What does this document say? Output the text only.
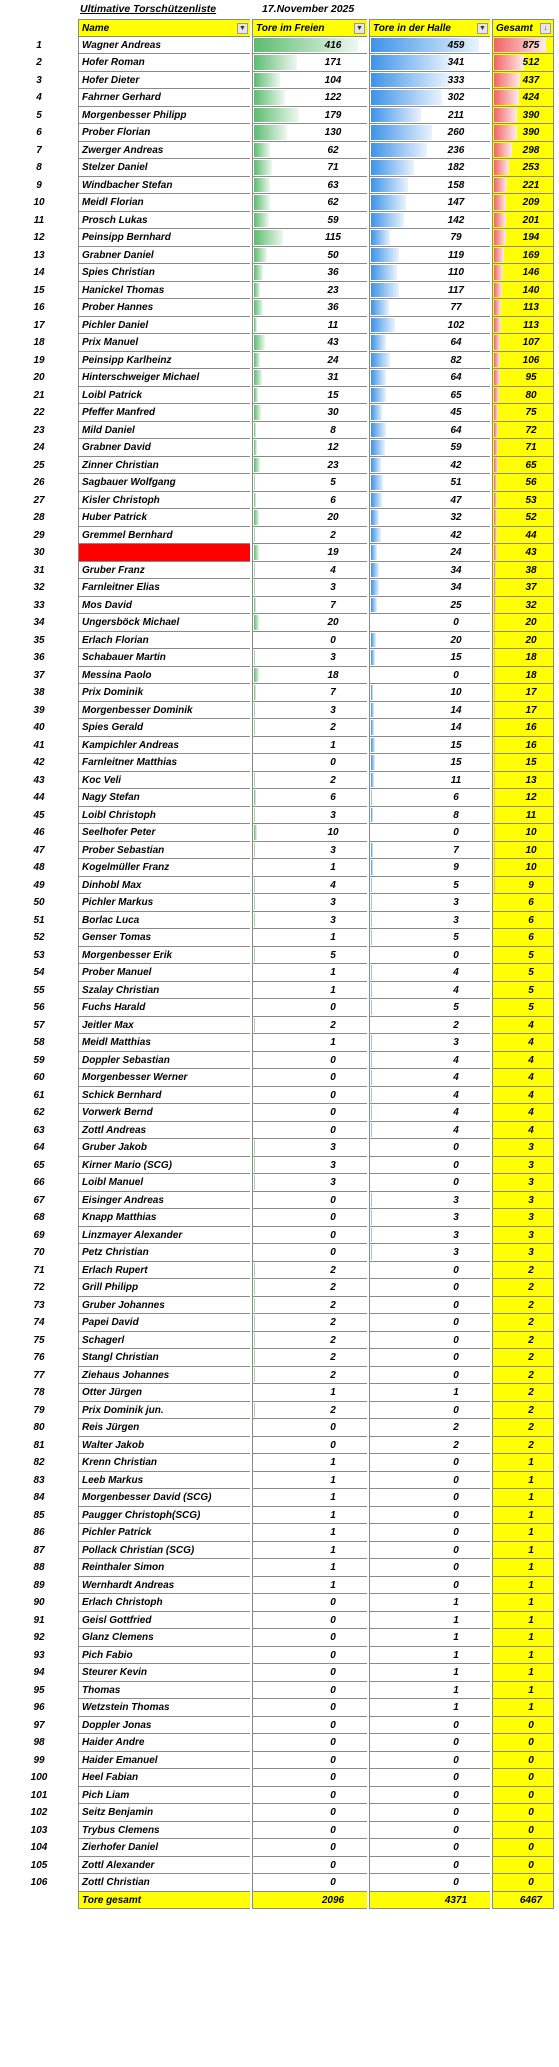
Ultimative Torschützenliste	17.November 2025
Name	▼	Tore im Freien	▼	Tore in der Halle	▼	Gesamt	↓
1	Wagner Andreas	416	459	875
2	Hofer Roman	171	341	512
3	Hofer Dieter	104	333	437
4	Fahrner Gerhard	122	302	424
5	Morgenbesser Philipp	179	211	390
6	Prober Florian	130	260	390
7	Zwerger Andreas	62	236	298
8	Stelzer Daniel	71	182	253
9	Windbacher Stefan	63	158	221
10	Meidl Florian	62	147	209
11	Prosch Lukas	59	142	201
12	Peinsipp Bernhard	115	79	194
13	Grabner Daniel	50	119	169
14	Spies Christian	36	110	146
15	Hanickel Thomas	23	117	140
16	Prober Hannes	36	77	113
17	Pichler Daniel	11	102	113
18	Prix Manuel	43	64	107
19	Peinsipp Karlheinz	24	82	106
20	Hinterschweiger Michael	31	64	95
21	Loibl Patrick	15	65	80
22	Pfeffer Manfred	30	45	75
23	Mild Daniel	8	64	72
24	Grabner David	12	59	71
25	Zinner Christian	23	42	65
26	Sagbauer Wolfgang	5	51	56
27	Kisler Christoph	6	47	53
28	Huber Patrick	20	32	52
29	Gremmel Bernhard	2	42	44
30	Eigentor	19	24	43
31	Gruber Franz	4	34	38
32	Farnleitner Elias	3	34	37
33	Mos David	7	25	32
34	Ungersböck Michael	20	0	20
35	Erlach Florian	0	20	20
36	Schabauer Martin	3	15	18
37	Messina Paolo	18	0	18
38	Prix Dominik	7	10	17
39	Morgenbesser Dominik	3	14	17
40	Spies Gerald	2	14	16
41	Kampichler Andreas	1	15	16
42	Farnleitner Matthias	0	15	15
43	Koc Veli	2	11	13
44	Nagy Stefan	6	6	12
45	Loibl Christoph	3	8	11
46	Seelhofer Peter	10	0	10
47	Prober Sebastian	3	7	10
48	Kogelmüller Franz	1	9	10
49	Dinhobl Max	4	5	9
50	Pichler Markus	3	3	6
51	Borlac Luca	3	3	6
52	Genser Tomas	1	5	6
53	Morgenbesser Erik	5	0	5
54	Prober Manuel	1	4	5
55	Szalay Christian	1	4	5
56	Fuchs Harald	0	5	5
57	Jeitler Max	2	2	4
58	Meidl Matthias	1	3	4
59	Doppler Sebastian	0	4	4
60	Morgenbesser Werner	0	4	4
61	Schick Bernhard	0	4	4
62	Vorwerk Bernd	0	4	4
63	Zottl Andreas	0	4	4
64	Gruber Jakob	3	0	3
65	Kirner Mario (SCG)	3	0	3
66	Loibl Manuel	3	0	3
67	Eisinger Andreas	0	3	3
68	Knapp Matthias	0	3	3
69	Linzmayer Alexander	0	3	3
70	Petz Christian	0	3	3
71	Erlach Rupert	2	0	2
72	Grill Philipp	2	0	2
73	Gruber Johannes	2	0	2
74	Papei David	2	0	2
75	Schagerl	2	0	2
76	Stangl Christian	2	0	2
77	Ziehaus Johannes	2	0	2
78	Otter Jürgen	1	1	2
79	Prix Dominik jun.	2	0	2
80	Reis Jürgen	0	2	2
81	Walter Jakob	0	2	2
82	Krenn Christian	1	0	1
83	Leeb Markus	1	0	1
84	Morgenbesser David (SCG)	1	0	1
85	Paugger Christoph(SCG)	1	0	1
86	Pichler Patrick	1	0	1
87	Pollack Christian (SCG)	1	0	1
88	Reinthaler Simon	1	0	1
89	Wernhardt Andreas	1	0	1
90	Erlach Christoph	0	1	1
91	Geisl Gottfried	0	1	1
92	Glanz Clemens	0	1	1
93	Pich Fabio	0	1	1
94	Steurer Kevin	0	1	1
95	Thomas	0	1	1
96	Wetzstein Thomas	0	1	1
97	Doppler Jonas	0	0	0
98	Haider Andre	0	0	0
99	Haider Emanuel	0	0	0
100	Heel Fabian	0	0	0
101	Pich Liam	0	0	0
102	Seitz Benjamin	0	0	0
103	Trybus Clemens	0	0	0
104	Zierhofer Daniel	0	0	0
105	Zottl Alexander	0	0	0
106	Zottl Christian	0	0	0
Tore gesamt	2096	4371	6467
